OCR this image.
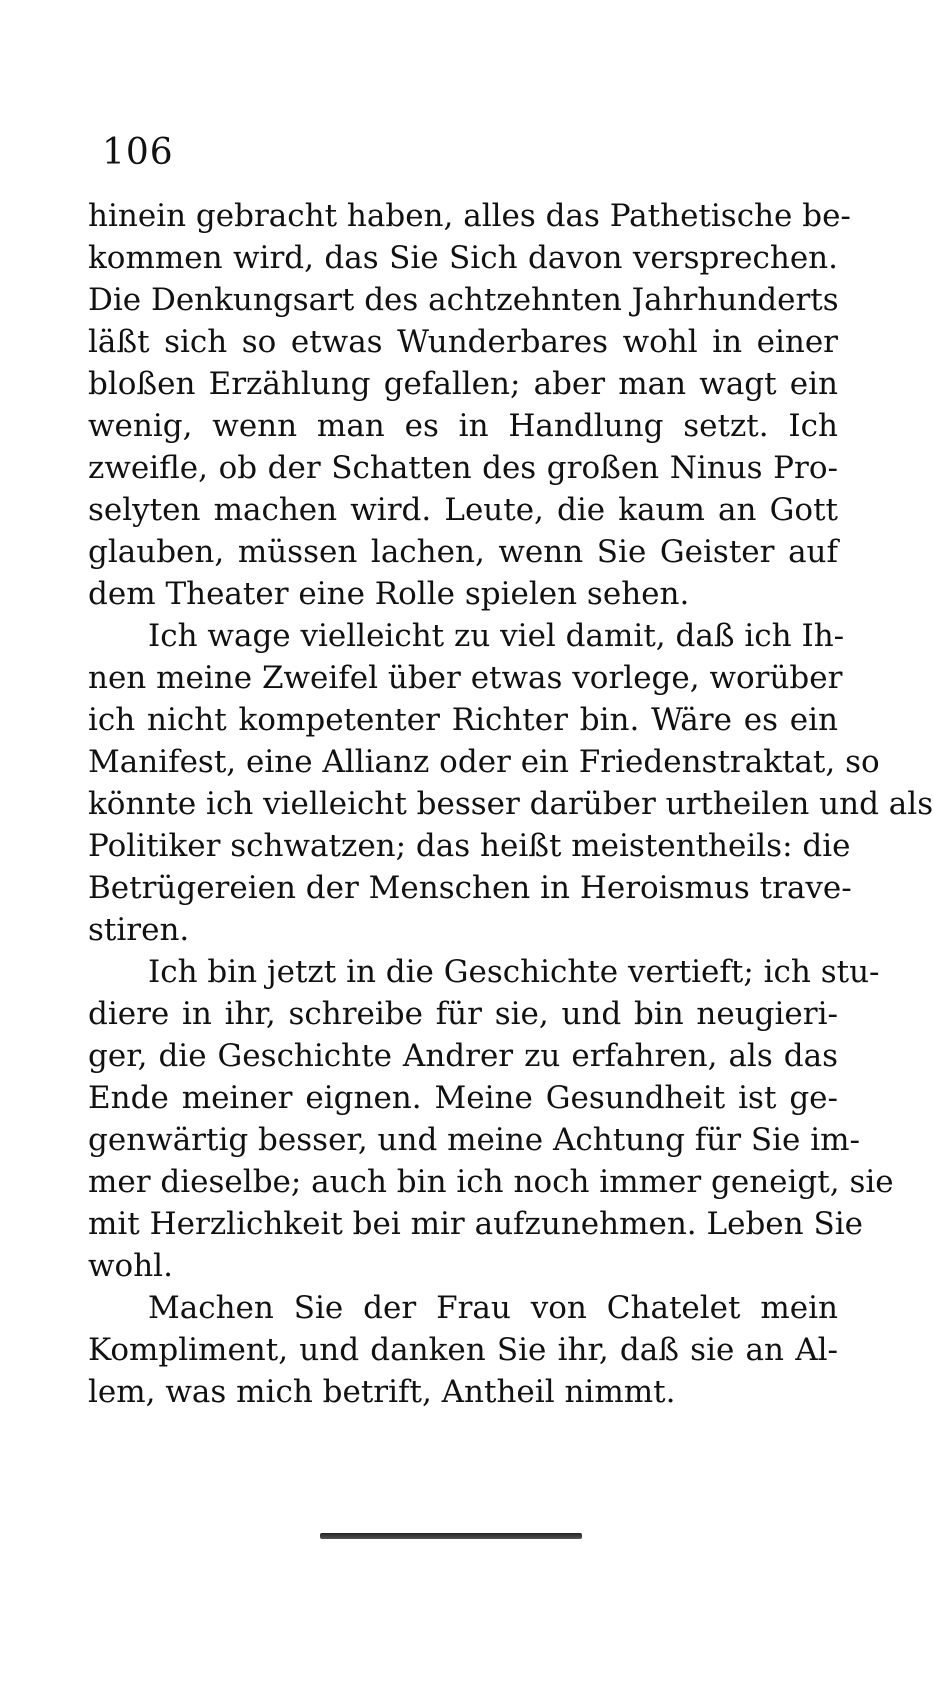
106
hinein gebracht haben, alles das Pathetische be-
kommen wird, das Sie Sich davon versprechen.
Die Denkungsart des achtzehnten Jahrhunderts
läßt sich so etwas Wunderbares wohl in einer
bloßen Erzählung gefallen; aber man wagt ein
wenig, wenn man es in Handlung setzt. Ich
zweifle, ob der Schatten des großen Ninus Pro-
selyten machen wird. Leute, die kaum an Gott
glauben, müssen lachen, wenn Sie Geister auf
dem Theater eine Rolle spielen sehen.
Ich wage vielleicht zu viel damit, daß ich Ih-
nen meine Zweifel über etwas vorlege, worüber
ich nicht kompetenter Richter bin. Wäre es ein
Manifest, eine Allianz oder ein Friedenstraktat, so
könnte ich vielleicht besser darüber urtheilen und als
Politiker schwatzen; das heißt meistentheils: die
Betrügereien der Menschen in Heroismus trave-
stiren.
Ich bin jetzt in die Geschichte vertieft; ich stu-
diere in ihr, schreibe für sie, und bin neugieri-
ger, die Geschichte Andrer zu erfahren, als das
Ende meiner eignen. Meine Gesundheit ist ge-
genwärtig besser, und meine Achtung für Sie im-
mer dieselbe; auch bin ich noch immer geneigt, sie
mit Herzlichkeit bei mir aufzunehmen. Leben Sie
wohl.
Machen Sie der Frau von Chatelet mein
Kompliment, und danken Sie ihr, daß sie an Al-
lem, was mich betrift, Antheil nimmt.
